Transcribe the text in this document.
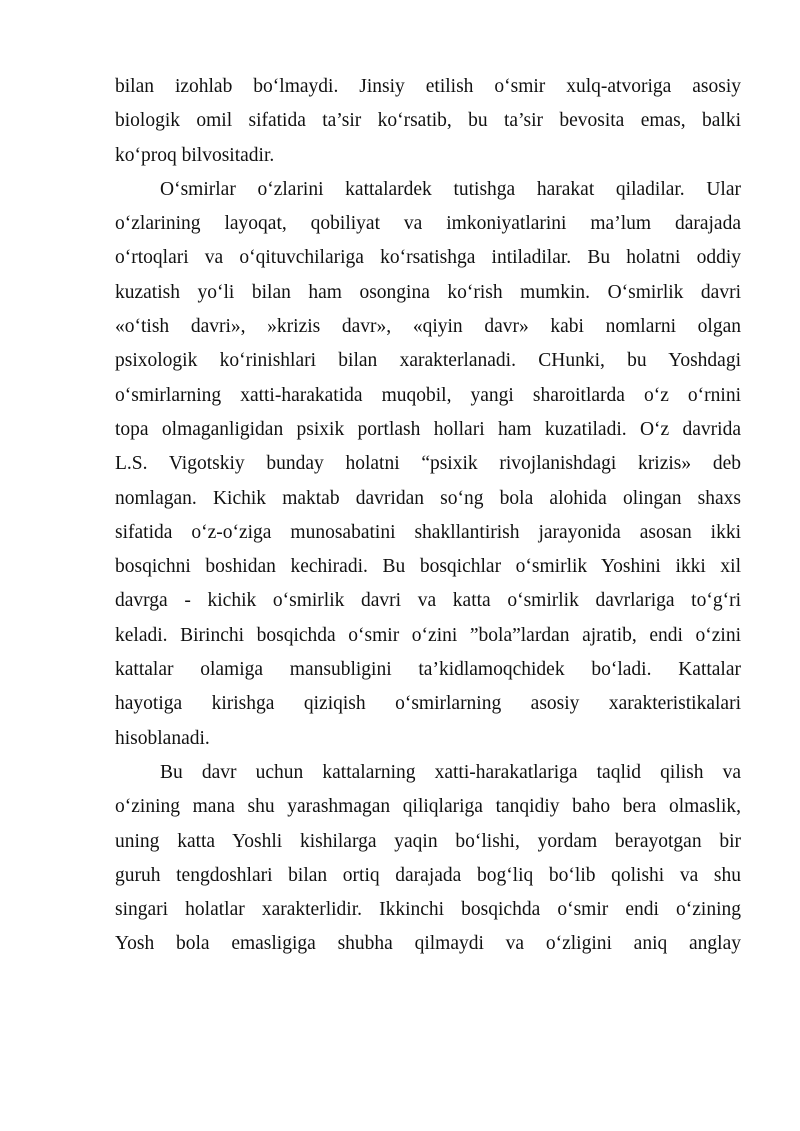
bilan izohlab bo‘lmaydi. Jinsiy etilish o‘smir xulq-atvoriga asosiy
biologik omil sifatida ta’sir ko‘rsatib, bu ta’sir bevosita emas, balki
ko‘proq bilvositadir.
O‘smirlar o‘zlarini kattalardek tutishga harakat qiladilar. Ular
o‘zlarining layoqat, qobiliyat va imkoniyatlarini ma’lum darajada
o‘rtoqlari va o‘qituvchilariga ko‘rsatishga intiladilar. Bu holatni oddiy
kuzatish yo‘li bilan ham osongina ko‘rish mumkin. O‘smirlik davri
«o‘tish davri», »krizis davr», «qiyin davr» kabi nomlarni olgan
psixologik ko‘rinishlari bilan xarakterlanadi. CHunki, bu Yoshdagi
o‘smirlarning xatti-harakatida muqobil, yangi sharoitlarda o‘z o‘rnini
topa olmaganligidan psixik portlash hollari ham kuzatiladi. O‘z davrida
L.S. Vigotskiy bunday holatni “psixik rivojlanishdagi krizis» deb
nomlagan. Kichik maktab davridan so‘ng bola alohida olingan shaxs
sifatida o‘z-o‘ziga munosabatini shakllantirish jarayonida asosan ikki
bosqichni boshidan kechiradi. Bu bosqichlar o‘smirlik Yoshini ikki xil
davrga - kichik o‘smirlik davri va katta o‘smirlik davrlariga to‘g‘ri
keladi. Birinchi bosqichda o‘smir o‘zini ”bola”lardan ajratib, endi o‘zini
kattalar olamiga mansubligini ta’kidlamoqchidek bo‘ladi. Kattalar
hayotiga kirishga qiziqish o‘smirlarning asosiy xarakteristikalari
hisoblanadi.
Bu davr uchun kattalarning xatti-harakatlariga taqlid qilish va
o‘zining mana shu yarashmagan qiliqlariga tanqidiy baho bera olmaslik,
uning katta Yoshli kishilarga yaqin bo‘lishi, yordam berayotgan bir
guruh tengdoshlari bilan ortiq darajada bog‘liq bo‘lib qolishi va shu
singari holatlar xarakterlidir. Ikkinchi bosqichda o‘smir endi o‘zining
Yosh bola emasligiga shubha qilmaydi va o‘zligini aniq anglay
